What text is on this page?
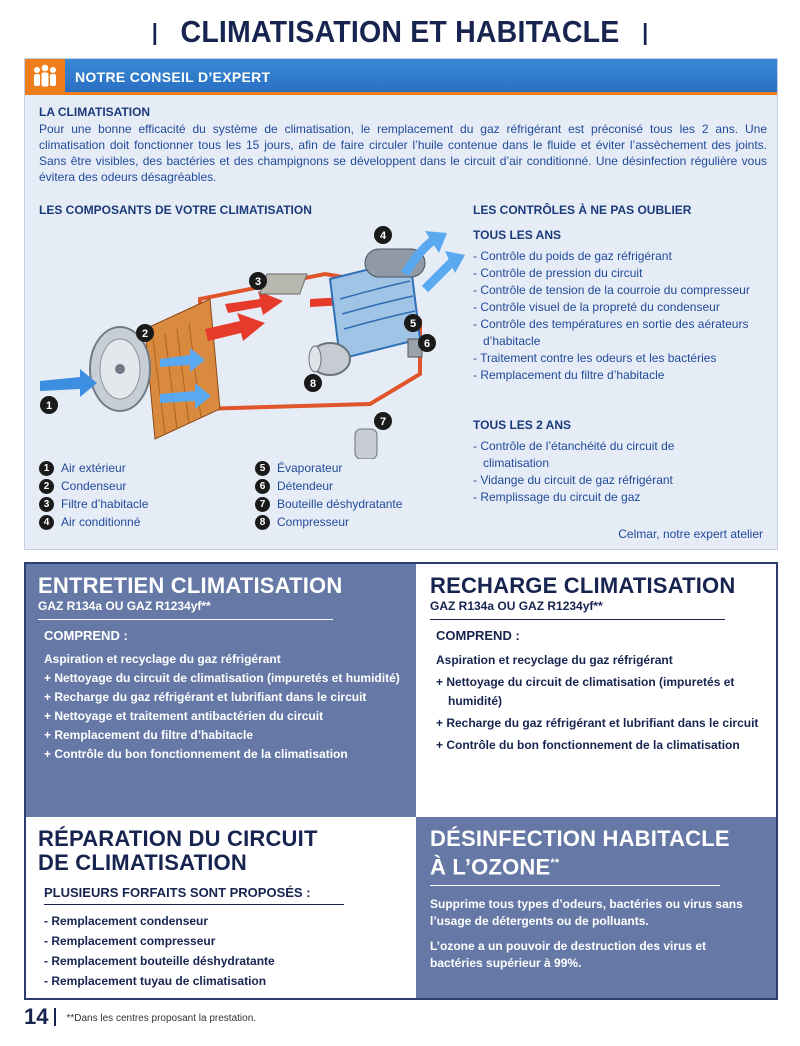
CLIMATISATION ET HABITACLE
NOTRE CONSEIL D’EXPERT
LA CLIMATISATION
Pour une bonne efficacité du système de climatisation, le remplacement du gaz réfrigérant est préconisé tous les 2 ans. Une climatisation doit fonctionner tous les 15 jours, afin de faire circuler l’huile contenue dans le fluide et éviter l’assèchement des joints. Sans être visibles, des bactéries et des champignons se développent dans le circuit d’air conditionné. Une désinfection régulière vous évitera des odeurs désagréables.
LES COMPOSANTS DE VOTRE CLIMATISATION
1
2
3
4
5
6
7
8
1 Air extérieur
2 Condenseur
3 Filtre d’habitacle
4 Air conditionné
5 Évaporateur
6 Détendeur
7 Bouteille déshydratante
8 Compresseur
LES CONTRÔLES À NE PAS OUBLIER
TOUS LES ANS
- Contrôle du poids de gaz réfrigérant
- Contrôle de pression du circuit
- Contrôle de tension de la courroie du compresseur
- Contrôle visuel de la propreté du condenseur
- Contrôle des températures en sortie des aérateurs d’habitacle
- Traitement contre les odeurs et les bactéries
- Remplacement du filtre d’habitacle
TOUS LES 2 ANS
- Contrôle de l’étanchéité du circuit de climatisation
- Vidange du circuit de gaz réfrigérant
- Remplissage du circuit de gaz
Celmar, notre expert atelier
ENTRETIEN CLIMATISATION
GAZ R134a OU GAZ R1234yf**
COMPREND :
Aspiration et recyclage du gaz réfrigérant
+ Nettoyage du circuit de climatisation (impuretés et humidité)
+ Recharge du gaz réfrigérant et lubrifiant dans le circuit
+ Nettoyage et traitement antibactérien du circuit
+ Remplacement du filtre d’habitacle
+ Contrôle du bon fonctionnement de la climatisation
RECHARGE CLIMATISATION
GAZ R134a OU GAZ R1234yf**
COMPREND :
Aspiration et recyclage du gaz réfrigérant
+ Nettoyage du circuit de climatisation (impuretés et humidité)
+ Recharge du gaz réfrigérant et lubrifiant dans le circuit
+ Contrôle du bon fonctionnement de la climatisation
RÉPARATION DU CIRCUIT
DE CLIMATISATION
PLUSIEURS FORFAITS SONT PROPOSÉS :
- Remplacement condenseur
- Remplacement compresseur
- Remplacement bouteille déshydratante
- Remplacement tuyau de climatisation
DÉSINFECTION HABITACLE
À L’OZONE**
Supprime tous types d’odeurs, bactéries ou virus sans l’usage de détergents ou de polluants.
L’ozone a un pouvoir de destruction des virus et bactéries supérieur à 99%.
14 **Dans les centres proposant la prestation.
